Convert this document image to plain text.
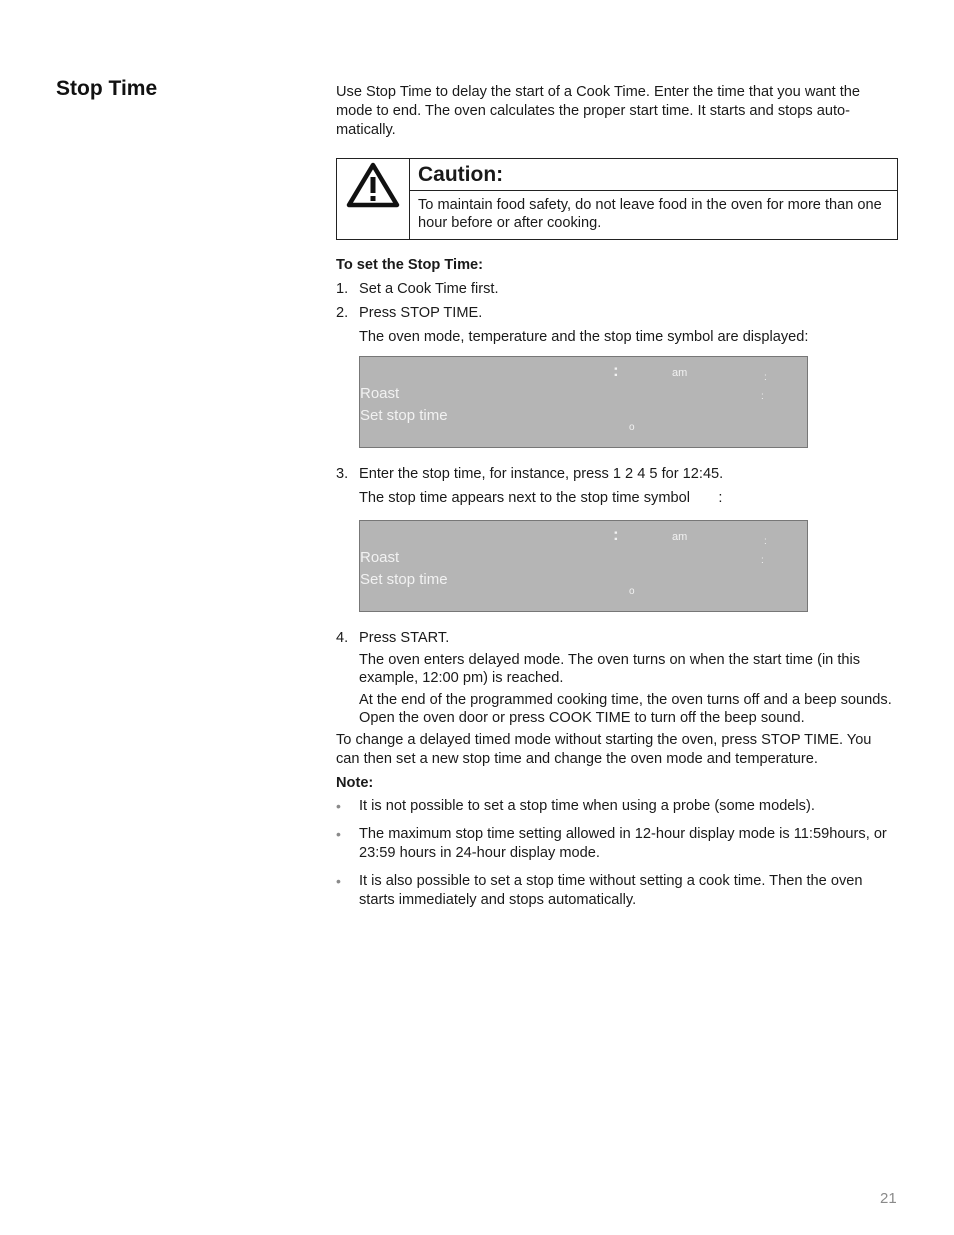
Stop Time	Use Stop Time to delay the start of a Cook Time. Enter the time that you want the mode to end. The oven calculates the proper start time. It starts and stops auto-matically.

Caution:
To maintain food safety, do not leave food in the oven for more than one hour before or after cooking.

To set the Stop Time:

1. Set a Cook Time first.
2. Press STOP TIME.

The oven mode, temperature and the stop time symbol are displayed:

:	am	:
:
Roast
Set stop time
o
3. Enter the stop time, for instance, press 1 2 4 5 for 12:45.

The stop time appears next to the stop time symbol       :

:	am	:
:
Roast
Set stop time
o
4. Press START.

The oven enters delayed mode. The oven turns on when the start time (in this example, 12:00 pm) is reached.

At the end of the programmed cooking time, the oven turns off and a beep sounds. Open the oven door or press COOK TIME to turn off the beep sound.

To change a delayed timed mode without starting the oven, press STOP TIME. You can then set a new stop time and change the oven mode and temperature.

Note:

•	It is not possible to set a stop time when using a probe (some models).
•	The maximum stop time setting allowed in 12-hour display mode is 11:59hours, or 23:59 hours in 24-hour display mode.
•	It is also possible to set a stop time without setting a cook time. Then the oven starts immediately and stops automatically.
21
